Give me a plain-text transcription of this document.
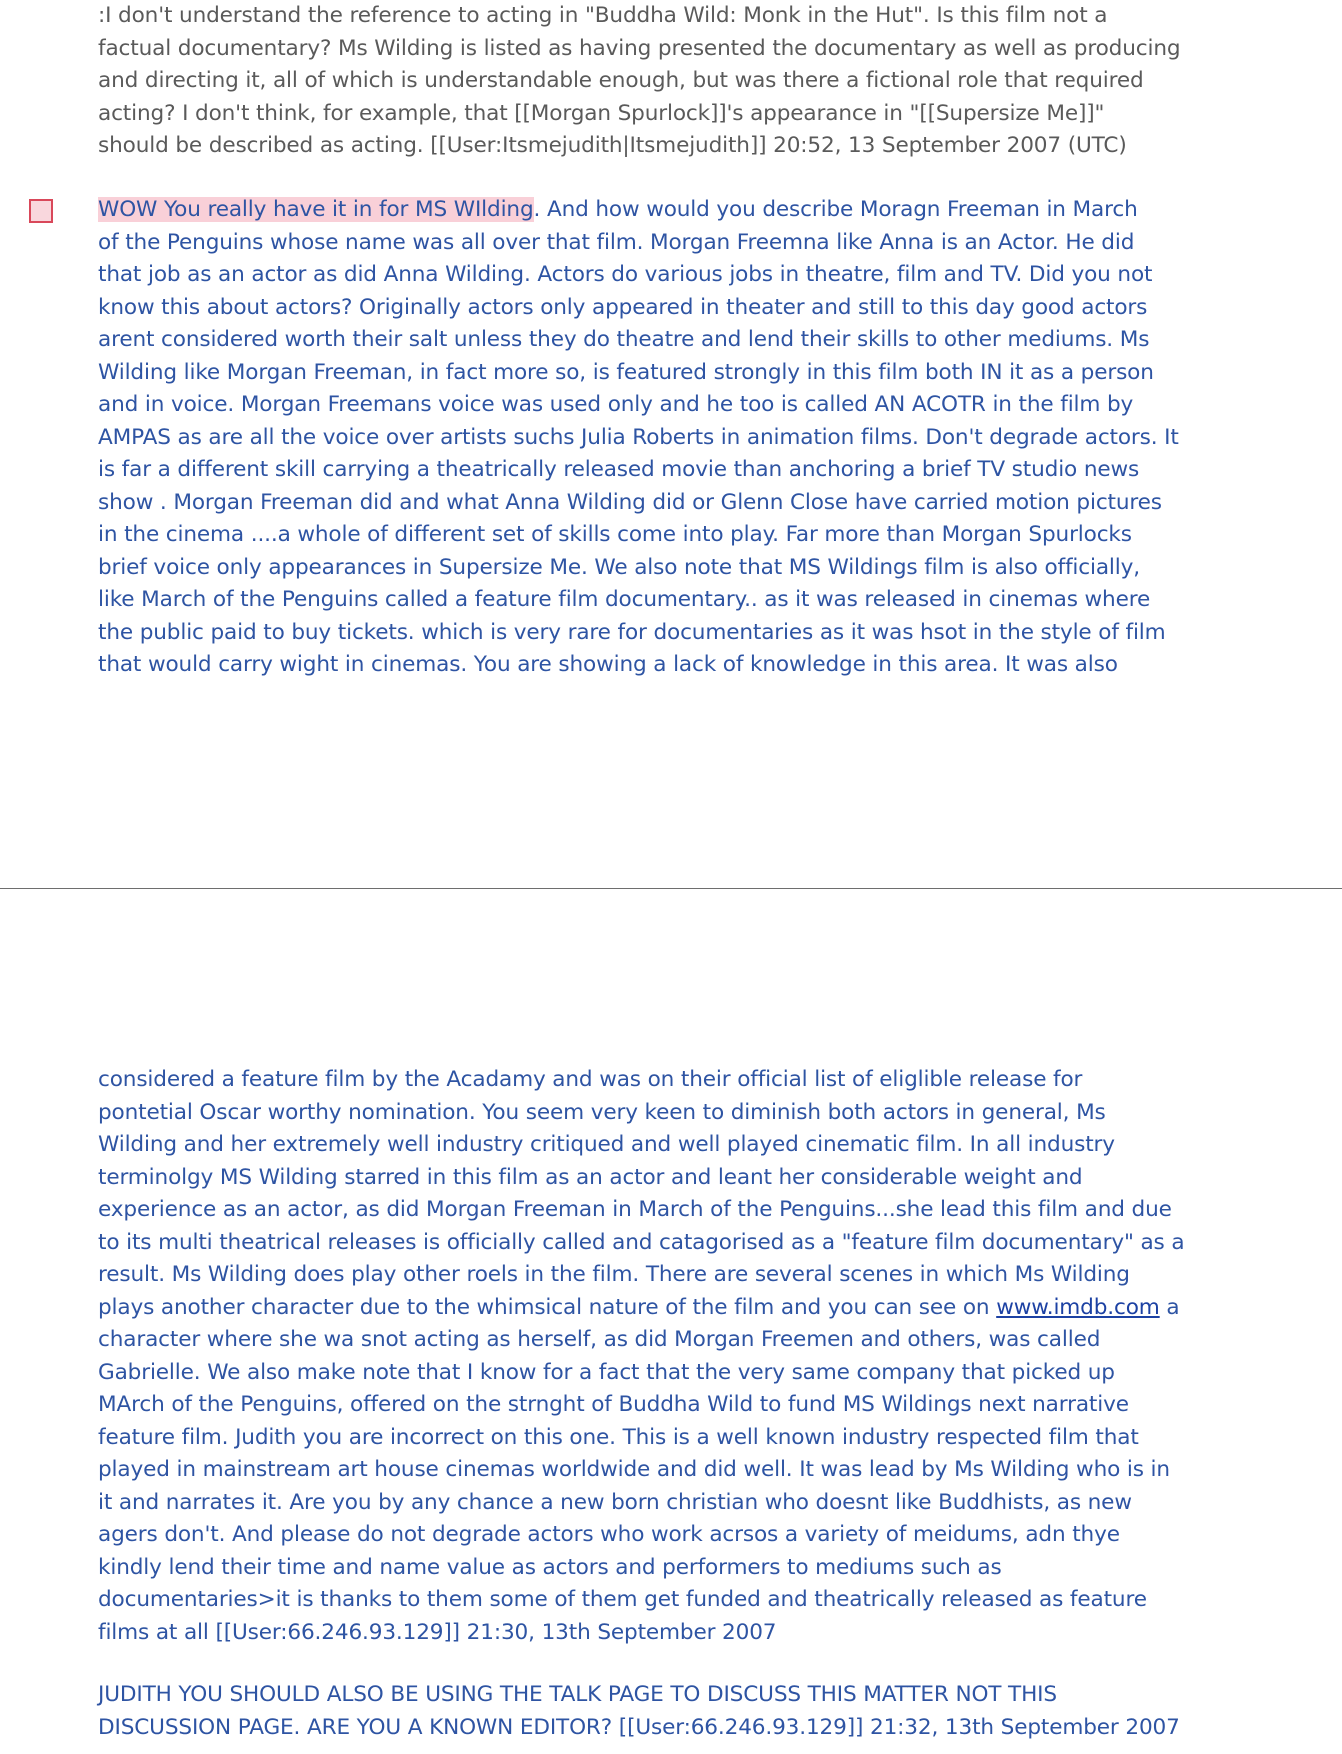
:I don't understand the reference to acting in "Buddha Wild: Monk in the Hut". Is this film not a
factual documentary? Ms Wilding is listed as having presented the documentary as well as producing
and directing it, all of which is understandable enough, but was there a fictional role that required
acting? I don't think, for example, that [[Morgan Spurlock]]'s appearance in "[[Supersize Me]]"
should be described as acting. [[User:Itsmejudith|Itsmejudith]] 20:52, 13 September 2007 (UTC)
WOW You really have it in for MS WIlding. And how would you describe Moragn Freeman in March
of the Penguins whose name was all over that film. Morgan Freemna like Anna is an Actor. He did
that job as an actor as did Anna Wilding. Actors do various jobs in theatre, film and TV. Did you not
know this about actors? Originally actors only appeared in theater and still to this day good actors
arent considered worth their salt unless they do theatre and lend their skills to other mediums. Ms
Wilding like Morgan Freeman, in fact more so, is featured strongly in this film both IN it as a person
and in voice. Morgan Freemans voice was used only and he too is called AN ACOTR in the film by
AMPAS as are all the voice over artists suchs Julia Roberts in animation films. Don't degrade actors. It
is far a different skill carrying a theatrically released movie than anchoring a brief TV studio news
show . Morgan Freeman did and what Anna Wilding did or Glenn Close have carried motion pictures
in the cinema ....a whole of different set of skills come into play. Far more than Morgan Spurlocks
brief voice only appearances in Supersize Me. We also note that MS Wildings film is also officially,
like March of the Penguins called a feature film documentary.. as it was released in cinemas where
the public paid to buy tickets. which is very rare for documentaries as it was hsot in the style of film
that would carry wight in cinemas. You are showing a lack of knowledge in this area. It was also
considered a feature film by the Acadamy and was on their official list of eliglible release for
pontetial Oscar worthy nomination. You seem very keen to diminish both actors in general, Ms
Wilding and her extremely well industry critiqued and well played cinematic film. In all industry
terminolgy MS Wilding starred in this film as an actor and leant her considerable weight and
experience as an actor, as did Morgan Freeman in March of the Penguins...she lead this film and due
to its multi theatrical releases is officially called and catagorised as a "feature film documentary" as a
result. Ms Wilding does play other roels in the film. There are several scenes in which Ms Wilding
plays another character due to the whimsical nature of the film and you can see on www.imdb.com a
character where she wa snot acting as herself, as did Morgan Freemen and others, was called
Gabrielle. We also make note that I know for a fact that the very same company that picked up
MArch of the Penguins, offered on the strnght of Buddha Wild to fund MS Wildings next narrative
feature film. Judith you are incorrect on this one. This is a well known industry respected film that
played in mainstream art house cinemas worldwide and did well. It was lead by Ms Wilding who is in
it and narrates it. Are you by any chance a new born christian who doesnt like Buddhists, as new
agers don't. And please do not degrade actors who work acrsos a variety of meidums, adn thye
kindly lend their time and name value as actors and performers to mediums such as
documentaries>it is thanks to them some of them get funded and theatrically released as feature
films at all [[User:66.246.93.129]] 21:30, 13th September 2007
JUDITH YOU SHOULD ALSO BE USING THE TALK PAGE TO DISCUSS THIS MATTER NOT THIS
DISCUSSION PAGE. ARE YOU A KNOWN EDITOR? [[User:66.246.93.129]] 21:32, 13th September 2007
